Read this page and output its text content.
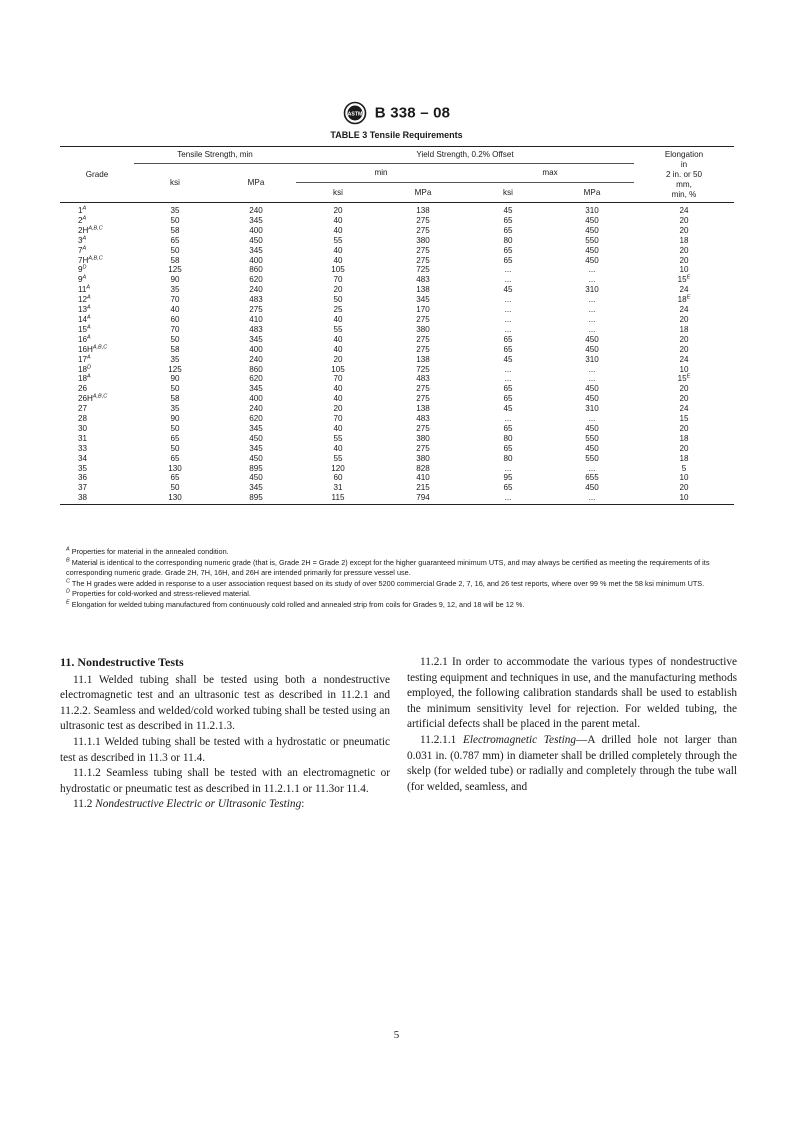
ASTM B 338 – 08
TABLE 3 Tensile Requirements
Grade	Tensile Strength, min		Yield Strength, 0.2% Offset				Elongation
in
2 in. or 50
mm,
min, %
	ksi	MPa	min		max		
			ksi	MPa	ksi	MPa	
$1^A$	35	240	20	138	45	310	24
$2^A$	50	345	40	275	65	450	20
$2H^{A,B,C}$	58	400	40	275	65	450	20
$3^A$	65	450	55	380	80	550	18
$7^A$	50	345	40	275	65	450	20
$7H^{A,B,C}$	58	400	40	275	65	450	20
$9^D$	125	860	105	725	...	...	10
$9^A$	90	620	70	483	...	...	$15^E$
$11^A$	35	240	20	138	45	310	24
$12^A$	70	483	50	345	...	...	$18^E$
$13^A$	40	275	25	170	...	...	24
$14^A$	60	410	40	275	...	...	20
$15^A$	70	483	55	380	...	...	18
$16^A$	50	345	40	275	65	450	20
$16H^{A,B,C}$	58	400	40	275	65	450	20
$17^A$	35	240	20	138	45	310	24
$18^D$	125	860	105	725	...	...	10
$18^A$	90	620	70	483	...	...	$15^E$
26	50	345	40	275	65	450	20
$26H^{A,B,C}$	58	400	40	275	65	450	20
27	35	240	20	138	45	310	24
28	90	620	70	483	...	...	15
30	50	345	40	275	65	450	20
31	65	450	55	380	80	550	18
33	50	345	40	275	65	450	20
34	65	450	55	380	80	550	18
35	130	895	120	828	...	...	5
36	65	450	60	410	95	655	10
37	50	345	31	215	65	450	20
38	130	895	115	794	...	...	10

$^A$ Properties for material in the annealed condition.

$^B$ Material is identical to the corresponding numeric grade (that is, Grade 2H = Grade 2) except for the higher guaranteed minimum UTS, and may always be certified as meeting the requirements of its corresponding numeric grade. Grade 2H, 7H, 16H, and 26H are intended primarily for pressure vessel use.

$^C$ The H grades were added in response to a user association request based on its study of over 5200 commercial Grade 2, 7, 16, and 26 test reports, where over 99 % met the 58 ksi minimum UTS.

$^D$ Properties for cold-worked and stress-relieved material.

$^E$ Elongation for welded tubing manufactured from continuously cold rolled and annealed strip from coils for Grades 9, 12, and 18 will be 12 %.

11. Nondestructive Tests

11.1 Welded tubing shall be tested using both a nondestructive electromagnetic test and an ultrasonic test as described in 11.2.1 and 11.2.2. Seamless and welded/cold worked tubing shall be tested using an ultrasonic test as described in 11.2.1.3.

11.1.1 Welded tubing shall be tested with a hydrostatic or pneumatic test as described in 11.3 or 11.4.

11.1.2 Seamless tubing shall be tested with an electromagnetic or hydrostatic or pneumatic test as described in 11.2.1.1 or 11.3or 11.4.

11.2 Nondestructive Electric or Ultrasonic Testing:

11.2.1 In order to accommodate the various types of nondestructive testing equipment and techniques in use, and the manufacturing methods employed, the following calibration standards shall be used to establish the minimum sensitivity level for rejection. For welded tubing, the artificial defects shall be placed in the parent metal.

11.2.1.1 Electromagnetic Testing—A drilled hole not larger than 0.031 in. (0.787 mm) in diameter shall be drilled completely through the skelp (for welded tube) or radially and completely through the tube wall (for welded, seamless, and

5
